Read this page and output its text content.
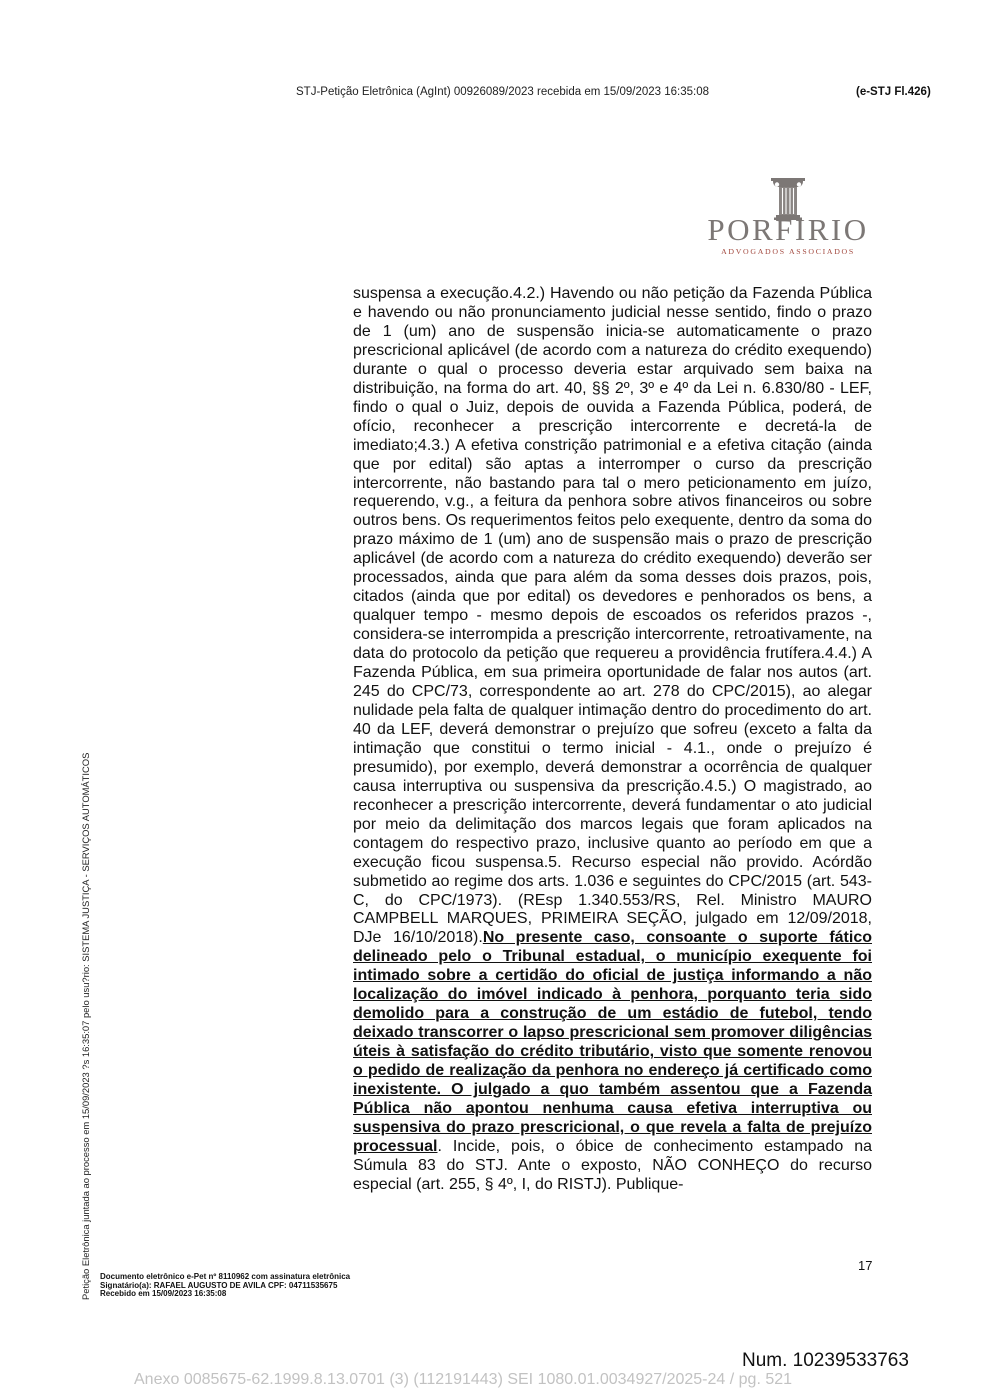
STJ-Petição Eletrônica (AgInt) 00926089/2023 recebida em 15/09/2023 16:35:08	(e-STJ Fl.426)
PORFIRIO
ADVOGADOS ASSOCIADOS
suspensa a execução.4.2.) Havendo ou não petição da Fazenda Pública e havendo ou não pronunciamento judicial nesse sentido, findo o prazo de 1 (um) ano de suspensão inicia-se automaticamente o prazo prescricional aplicável (de acordo com a natureza do crédito exequendo) durante o qual o processo deveria estar arquivado sem baixa na distribuição, na forma do art. 40, §§ 2º, 3º e 4º da Lei n. 6.830/80 - LEF, findo o qual o Juiz, depois de ouvida a Fazenda Pública, poderá, de ofício, reconhecer a prescrição intercorrente e decretá-la de imediato;4.3.) A efetiva constrição patrimonial e a efetiva citação (ainda que por edital) são aptas a interromper o curso da prescrição intercorrente, não bastando para tal o mero peticionamento em juízo, requerendo, v.g., a feitura da penhora sobre ativos financeiros ou sobre outros bens. Os requerimentos feitos pelo exequente, dentro da soma do prazo máximo de 1 (um) ano de suspensão mais o prazo de prescrição aplicável (de acordo com a natureza do crédito exequendo) deverão ser processados, ainda que para além da soma desses dois prazos, pois, citados (ainda que por edital) os devedores e penhorados os bens, a qualquer tempo - mesmo depois de escoados os referidos prazos -, considera-se interrompida a prescrição intercorrente, retroativamente, na data do protocolo da petição que requereu a providência frutífera.4.4.) A Fazenda Pública, em sua primeira oportunidade de falar nos autos (art. 245 do CPC/73, correspondente ao art. 278 do CPC/2015), ao alegar nulidade pela falta de qualquer intimação dentro do procedimento do art. 40 da LEF, deverá demonstrar o prejuízo que sofreu (exceto a falta da intimação que constitui o termo inicial - 4.1., onde o prejuízo é presumido), por exemplo, deverá demonstrar a ocorrência de qualquer causa interruptiva ou suspensiva da prescrição.4.5.) O magistrado, ao reconhecer a prescrição intercorrente, deverá fundamentar o ato judicial por meio da delimitação dos marcos legais que foram aplicados na contagem do respectivo prazo, inclusive quanto ao período em que a execução ficou suspensa.5. Recurso especial não provido. Acórdão submetido ao regime dos arts. 1.036 e seguintes do CPC/2015 (art. 543-C, do CPC/1973). (REsp 1.340.553/RS, Rel. Ministro MAURO CAMPBELL MARQUES, PRIMEIRA SEÇÃO, julgado em 12/09/2018, DJe 16/10/2018).No presente caso, consoante o suporte fático delineado pelo o Tribunal estadual, o município exequente foi intimado sobre a certidão do oficial de justiça informando a não localização do imóvel indicado à penhora, porquanto teria sido demolido para a construção de um estádio de futebol, tendo deixado transcorrer o lapso prescricional sem promover diligências úteis à satisfação do crédito tributário, visto que somente renovou o pedido de realização da penhora no endereço já certificado como inexistente. O julgado a quo também assentou que a Fazenda Pública não apontou nenhuma causa efetiva interruptiva ou suspensiva do prazo prescricional, o que revela a falta de prejuízo processual. Incide, pois, o óbice de conhecimento estampado na Súmula 83 do STJ. Ante o exposto, NÃO CONHEÇO do recurso especial (art. 255, § 4º, I, do RISTJ). Publique-
17
Documento eletrônico e-Pet nº 8110962 com assinatura eletrônica
Signatário(a): RAFAEL AUGUSTO DE AVILA CPF: 04711535675
Recebido em 15/09/2023 16:35:08
Petição Eletrônica juntada ao processo em 15/09/2023 ?s 16:35:07 pelo usu?rio: SISTEMA JUSTIÇA - SERVIÇOS AUTOMÁTICOS
Num. 10239533763
Anexo 0085675-62.1999.8.13.0701 (3) (112191443) SEI 1080.01.0034927/2025-24 / pg. 521
